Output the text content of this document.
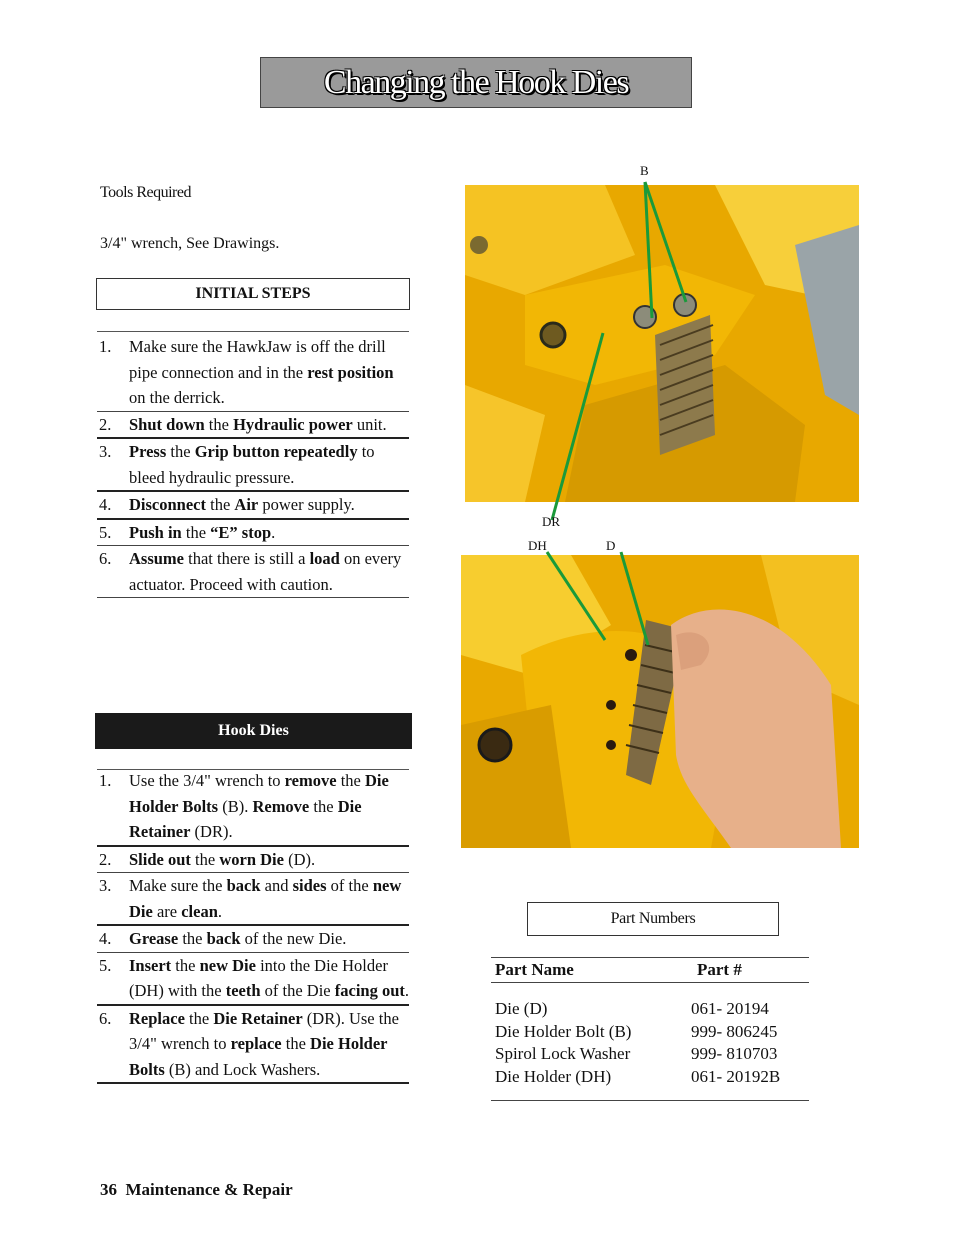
Changing the Hook Dies
Tools Required
3/4" wrench, See Drawings.
INITIAL STEPS
1.	Make sure the HawkJaw is off the drill pipe connection and in the rest position on the derrick.
2.	Shut down the Hydraulic power unit.
3.	Press the Grip button repeatedly to bleed hydraulic pressure.
4.	Disconnect the Air power supply.
5.	Push in the “E” stop.
6.	Assume that there is still a load on every actuator. Proceed with caution.
Hook Dies
1.	Use the 3/4" wrench to remove the Die Holder Bolts (B). Remove the Die Retainer (DR).
2.	Slide out the worn Die (D).
3.	Make sure the back and sides of the new Die are clean.
4.	Grease the back of the new Die.
5.	Insert the new Die into the Die Holder (DH) with the teeth of the Die facing out.
6.	Replace the Die Retainer (DR). Use the 3/4" wrench to replace the Die Holder Bolts (B) and Lock Washers.
B
DR
DH	D
Part Numbers
Part Name	Part #
Die (D)	061- 20194
Die Holder Bolt (B)	999- 806245
Spirol Lock Washer	999- 810703
Die Holder (DH)	061- 20192B
36  Maintenance & Repair
